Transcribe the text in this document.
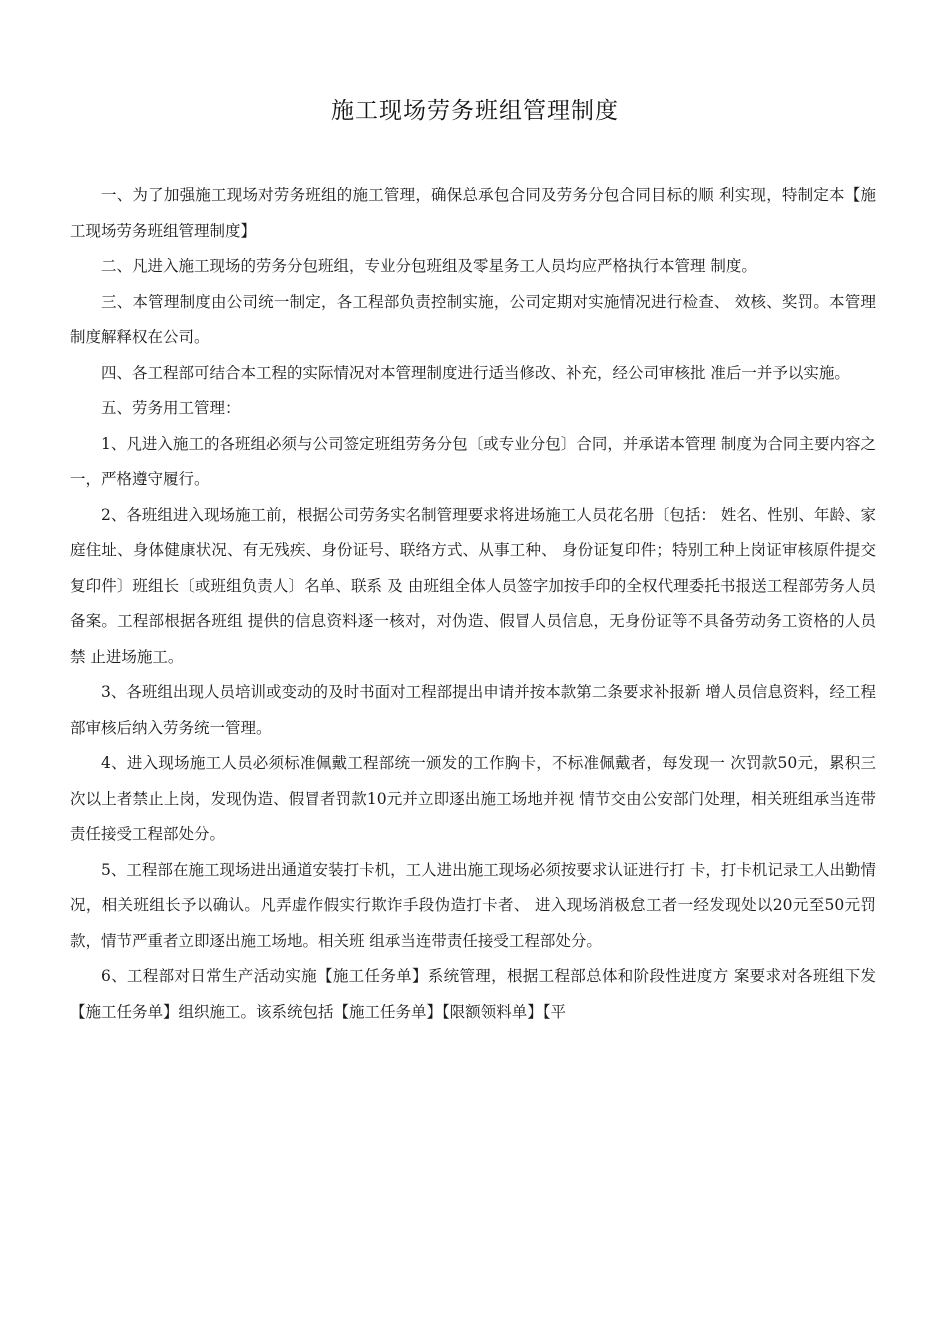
施工现场劳务班组管理制度

一、为了加强施工现场对劳务班组的施工管理，确保总承包合同及劳务分包合同目标的顺 利实现，特制定本【施工现场劳务班组管理制度】

二、凡进入施工现场的劳务分包班组，专业分包班组及零星务工人员均应严格执行本管理 制度。

三、本管理制度由公司统一制定，各工程部负责控制实施，公司定期对实施情况进行检查、 效核、奖罚。本管理制度解释权在公司。

四、各工程部可结合本工程的实际情况对本管理制度进行适当修改、补充，经公司审核批 准后一并予以实施。

五、劳务用工管理：

1、凡进入施工的各班组必须与公司签定班组劳务分包〔或专业分包〕合同，并承诺本管理 制度为合同主要内容之一，严格遵守履行。

2、各班组进入现场施工前，根据公司劳务实名制管理要求将进场施工人员花名册〔包括： 姓名、性别、年龄、家庭住址、身体健康状况、有无残疾、身份证号、联络方式、从事工种、 身份证复印件；特别工种上岗证审核原件提交复印件〕班组长〔或班组负责人〕名单、联系 及 由班组全体人员签字加按手印的全权代理委托书报送工程部劳务人员备案。工程部根据各班组 提供的信息资料逐一核对，对伪造、假冒人员信息，无身份证等不具备劳动务工资格的人员禁 止进场施工。

3、各班组出现人员培训或变动的及时书面对工程部提出申请并按本款第二条要求补报新 增人员信息资料，经工程部审核后纳入劳务统一管理。

4、进入现场施工人员必须标准佩戴工程部统一颁发的工作胸卡，不标准佩戴者，每发现一 次罚款50元，累积三次以上者禁止上岗，发现伪造、假冒者罚款10元并立即逐出施工场地并视 情节交由公安部门处理，相关班组承当连带责任接受工程部处分。

5、工程部在施工现场进出通道安装打卡机，工人进出施工现场必须按要求认证进行打 卡，打卡机记录工人出勤情况，相关班组长予以确认。凡弄虚作假实行欺诈手段伪造打卡者、 进入现场消极怠工者一经发现处以20元至50元罚款，情节严重者立即逐出施工场地。相关班 组承当连带责任接受工程部处分。

6、工程部对日常生产活动实施【施工任务单】系统管理，根据工程部总体和阶段性进度方 案要求对各班组下发【施工任务单】组织施工。该系统包括【施工任务单】【限额领料单】【平
